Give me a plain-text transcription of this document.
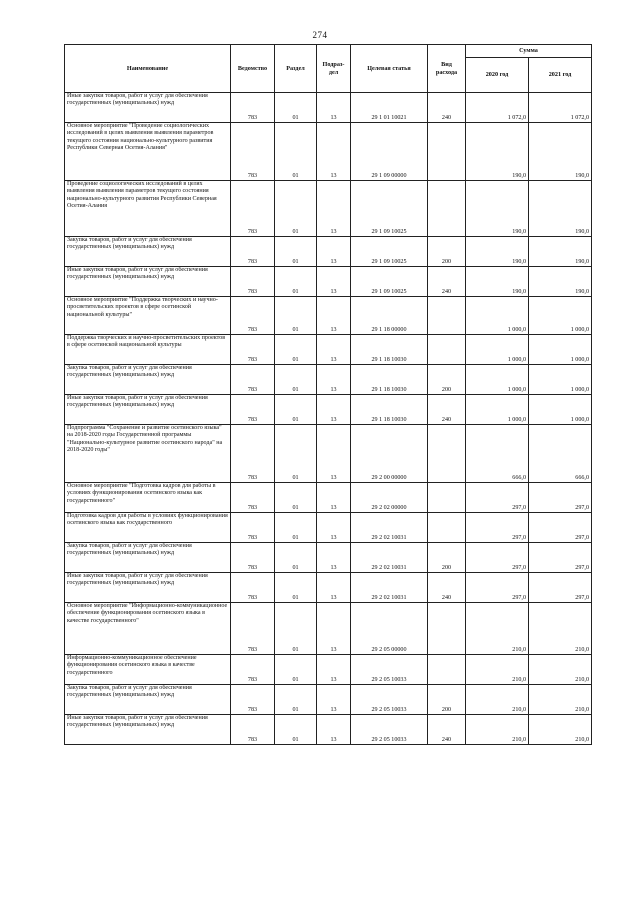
274
Наименование	Ведомство	Раздел	Подраз-
дел	Целевая статья	Вид
расхода	Сумма	
						2020 год	2021 год
Иные закупки товаров, работ и услуг для обеспечения государственных (муниципальных) нужд	783	01	13	29 1 01 10021	240	1 072,0	1 072,0
Основное мероприятие "Проведение социологических исследований в целях выявления выявления параметров текущего состояния национально-культурного развития Республики Северная Осетия-Алания"	783	01	13	29 1 09 00000		190,0	190,0
Проведение социологических исследований в целях выявления выявления параметров текущего состояния национально-культурного развития Республики Северная Осетия-Алания	783	01	13	29 1 09 10025		190,0	190,0
Закупка товаров, работ и услуг для обеспечения государственных (муниципальных) нужд	783	01	13	29 1 09 10025	200	190,0	190,0
Иные закупки товаров, работ и услуг для обеспечения государственных (муниципальных) нужд	783	01	13	29 1 09 10025	240	190,0	190,0
Основное мероприятие "Поддержка творческих и научно-просветительских проектов в сфере осетинской национальной культуры"	783	01	13	29 1 18 00000		1 000,0	1 000,0
Поддержка творческих и научно-просветительских проектов в сфере осетинской национальной культуры	783	01	13	29 1 18 10030		1 000,0	1 000,0
Закупка товаров, работ и услуг для обеспечения государственных (муниципальных) нужд	783	01	13	29 1 18 10030	200	1 000,0	1 000,0
Иные закупки товаров, работ и услуг для обеспечения государственных (муниципальных) нужд	783	01	13	29 1 18 10030	240	1 000,0	1 000,0
Подпрограмма "Сохранение и развитие осетинского языка" на 2018-2020 годы Государственной программы "Национально-культурное развитие осетинского народа" на 2018-2020 годы"	783	01	13	29 2 00 00000		666,0	666,0
Основное мероприятие "Подготовка кадров для работы в условиях функционирования осетинского языка как государственного"	783	01	13	29 2 02 00000		297,0	297,0
Подготовка кадров для работы в условиях функционирования осетинского языка как государственного	783	01	13	29 2 02 10031		297,0	297,0
Закупка товаров, работ и услуг для обеспечения государственных (муниципальных) нужд	783	01	13	29 2 02 10031	200	297,0	297,0
Иные закупки товаров, работ и услуг для обеспечения государственных (муниципальных) нужд	783	01	13	29 2 02 10031	240	297,0	297,0
Основное мероприятие "Информационно-коммуникационное обеспечение функционирования осетинского языка в качестве государственного"	783	01	13	29 2 05 00000		210,0	210,0
Информационно-коммуникационное обеспечение функционирования осетинского языка в качестве государственного	783	01	13	29 2 05 10033		210,0	210,0
Закупка товаров, работ и услуг для обеспечения государственных (муниципальных) нужд	783	01	13	29 2 05 10033	200	210,0	210,0
Иные закупки товаров, работ и услуг для обеспечения государственных (муниципальных) нужд	783	01	13	29 2 05 10033	240	210,0	210,0
